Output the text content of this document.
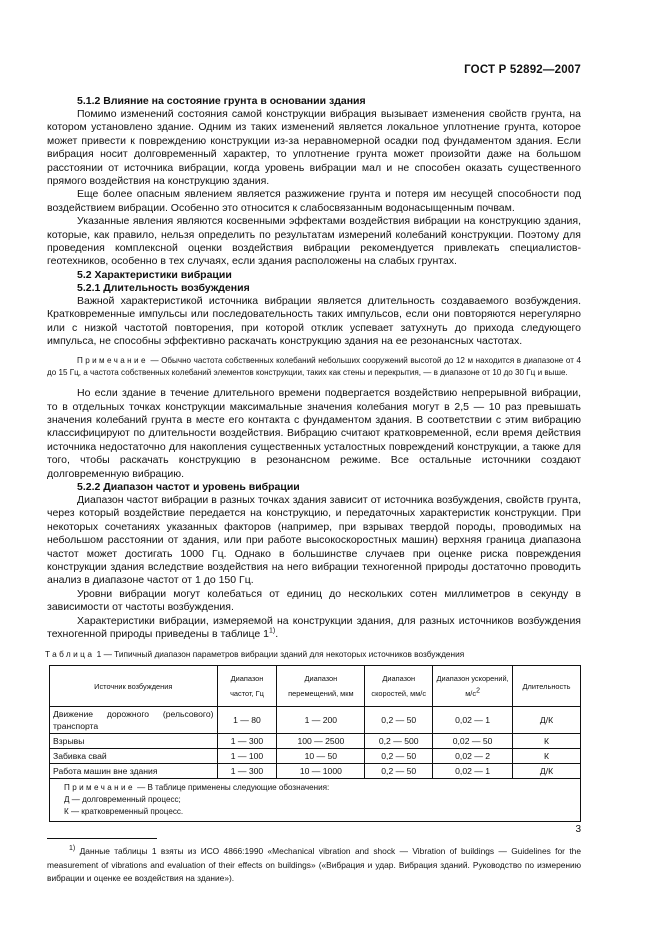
ГОСТ Р 52892—2007
5.1.2 Влияние на состояние грунта в основании здания

Помимо изменений состояния самой конструкции вибрация вызывает изменения свойств грунта, на котором установлено здание. Одним из таких изменений является локальное уплотнение грунта, которое может привести к повреждению конструкции из-за неравномерной осадки под фундаментом здания. Если вибрация носит долговременный характер, то уплотнение грунта может произойти даже на большом расстоянии от источника вибрации, когда уровень вибрации мал и не способен оказать существенного прямого воздействия на конструкцию здания.

Еще более опасным явлением является разжижение грунта и потеря им несущей способности под воздействием вибрации. Особенно это относится к слабосвязанным водонасыщенным почвам.

Указанные явления являются косвенными эффектами воздействия вибрации на конструкцию здания, которые, как правило, нельзя определить по результатам измерений колебаний конструкции. Поэтому для проведения комплексной оценки воздействия вибрации рекомендуется привлекать специалистов-геотехников, особенно в тех случаях, если здания расположены на слабых грунтах.

5.2 Характеристики вибрации
5.2.1 Длительность возбуждения

Важной характеристикой источника вибрации является длительность создаваемого возбуждения. Кратковременные импульсы или последовательность таких импульсов, если они повторяются нерегулярно или с низкой частотой повторения, при которой отклик успевает затухнуть до прихода следующего импульса, не способны эффективно раскачать конструкцию здания на ее резонансных частотах.

Примечание — Обычно частота собственных колебаний небольших сооружений высотой до 12 м находится в диапазоне от 4 до 15 Гц, а частота собственных колебаний элементов конструкции, таких как стены и перекрытия, — в диапазоне от 10 до 30 Гц и выше.

Но если здание в течение длительного времени подвергается воздействию непрерывной вибрации, то в отдельных точках конструкции максимальные значения колебания могут в 2,5 — 10 раз превышать значения колебаний грунта в месте его контакта с фундаментом здания. В соответствии с этим вибрацию классифицируют по длительности воздействия. Вибрацию считают кратковременной, если время действия источника недостаточно для накопления существенных усталостных повреждений конструкции, а также для того, чтобы раскачать конструкцию в резонансном режиме. Все остальные источники создают долговременную вибрацию.

5.2.2 Диапазон частот и уровень вибрации

Диапазон частот вибрации в разных точках здания зависит от источника возбуждения, свойств грунта, через который воздействие передается на конструкцию, и передаточных характеристик конструкции. При некоторых сочетаниях указанных факторов (например, при взрывах твердой породы, проводимых на небольшом расстоянии от здания, или при работе высокоскоростных машин) верхняя граница диапазона частот может достигать 1000 Гц. Однако в большинстве случаев при оценке риска повреждения конструкции здания вследствие воздействия на него вибрации техногенной природы достаточно проводить анализ в диапазоне частот от 1 до 150 Гц.

Уровни вибрации могут колебаться от единиц до нескольких сотен миллиметров в секунду в зависимости от частоты возбуждения.

Характеристики вибрации, измеряемой на конструкции здания, для разных источников возбуждения техногенной природы приведены в таблице 1$^{1)}$.

Таблица 1 — Типичный диапазон параметров вибрации зданий для некоторых источников возбуждения
Источник возбуждения	Диапазон частот, Гц	Диапазон перемещений, мкм	Диапазон скоростей, мм/с	Диапазон ускорений, $м/с^2$	Длительность
Движение дорожного (рельсового) транспорта	1 — 80	1 — 200	0,2 — 50	0,02 — 1	Д/К
Взрывы	1 — 300	100 — 2500	0,2 — 500	0,02 — 50	К
Забивка свай	1 — 100	10 — 50	0,2 — 50	0,02 — 2	К
Работа машин вне здания	1 — 300	10 — 1000	0,2 — 50	0,02 — 1	Д/К

Примечание — В таблице применены следующие обозначения:
Д — долговременный процесс;
К — кратковременный процесс.					

$^{1)}$ Данные таблицы 1 взяты из ИСО 4866:1990 «Mechanical vibration and shock — Vibration of buildings — Guidelines for the measurement of vibrations and evaluation of their effects on buildings» («Вибрация и удар. Вибрация зданий. Руководство по измерению вибрации и оценке ее воздействия на здание»).

3
